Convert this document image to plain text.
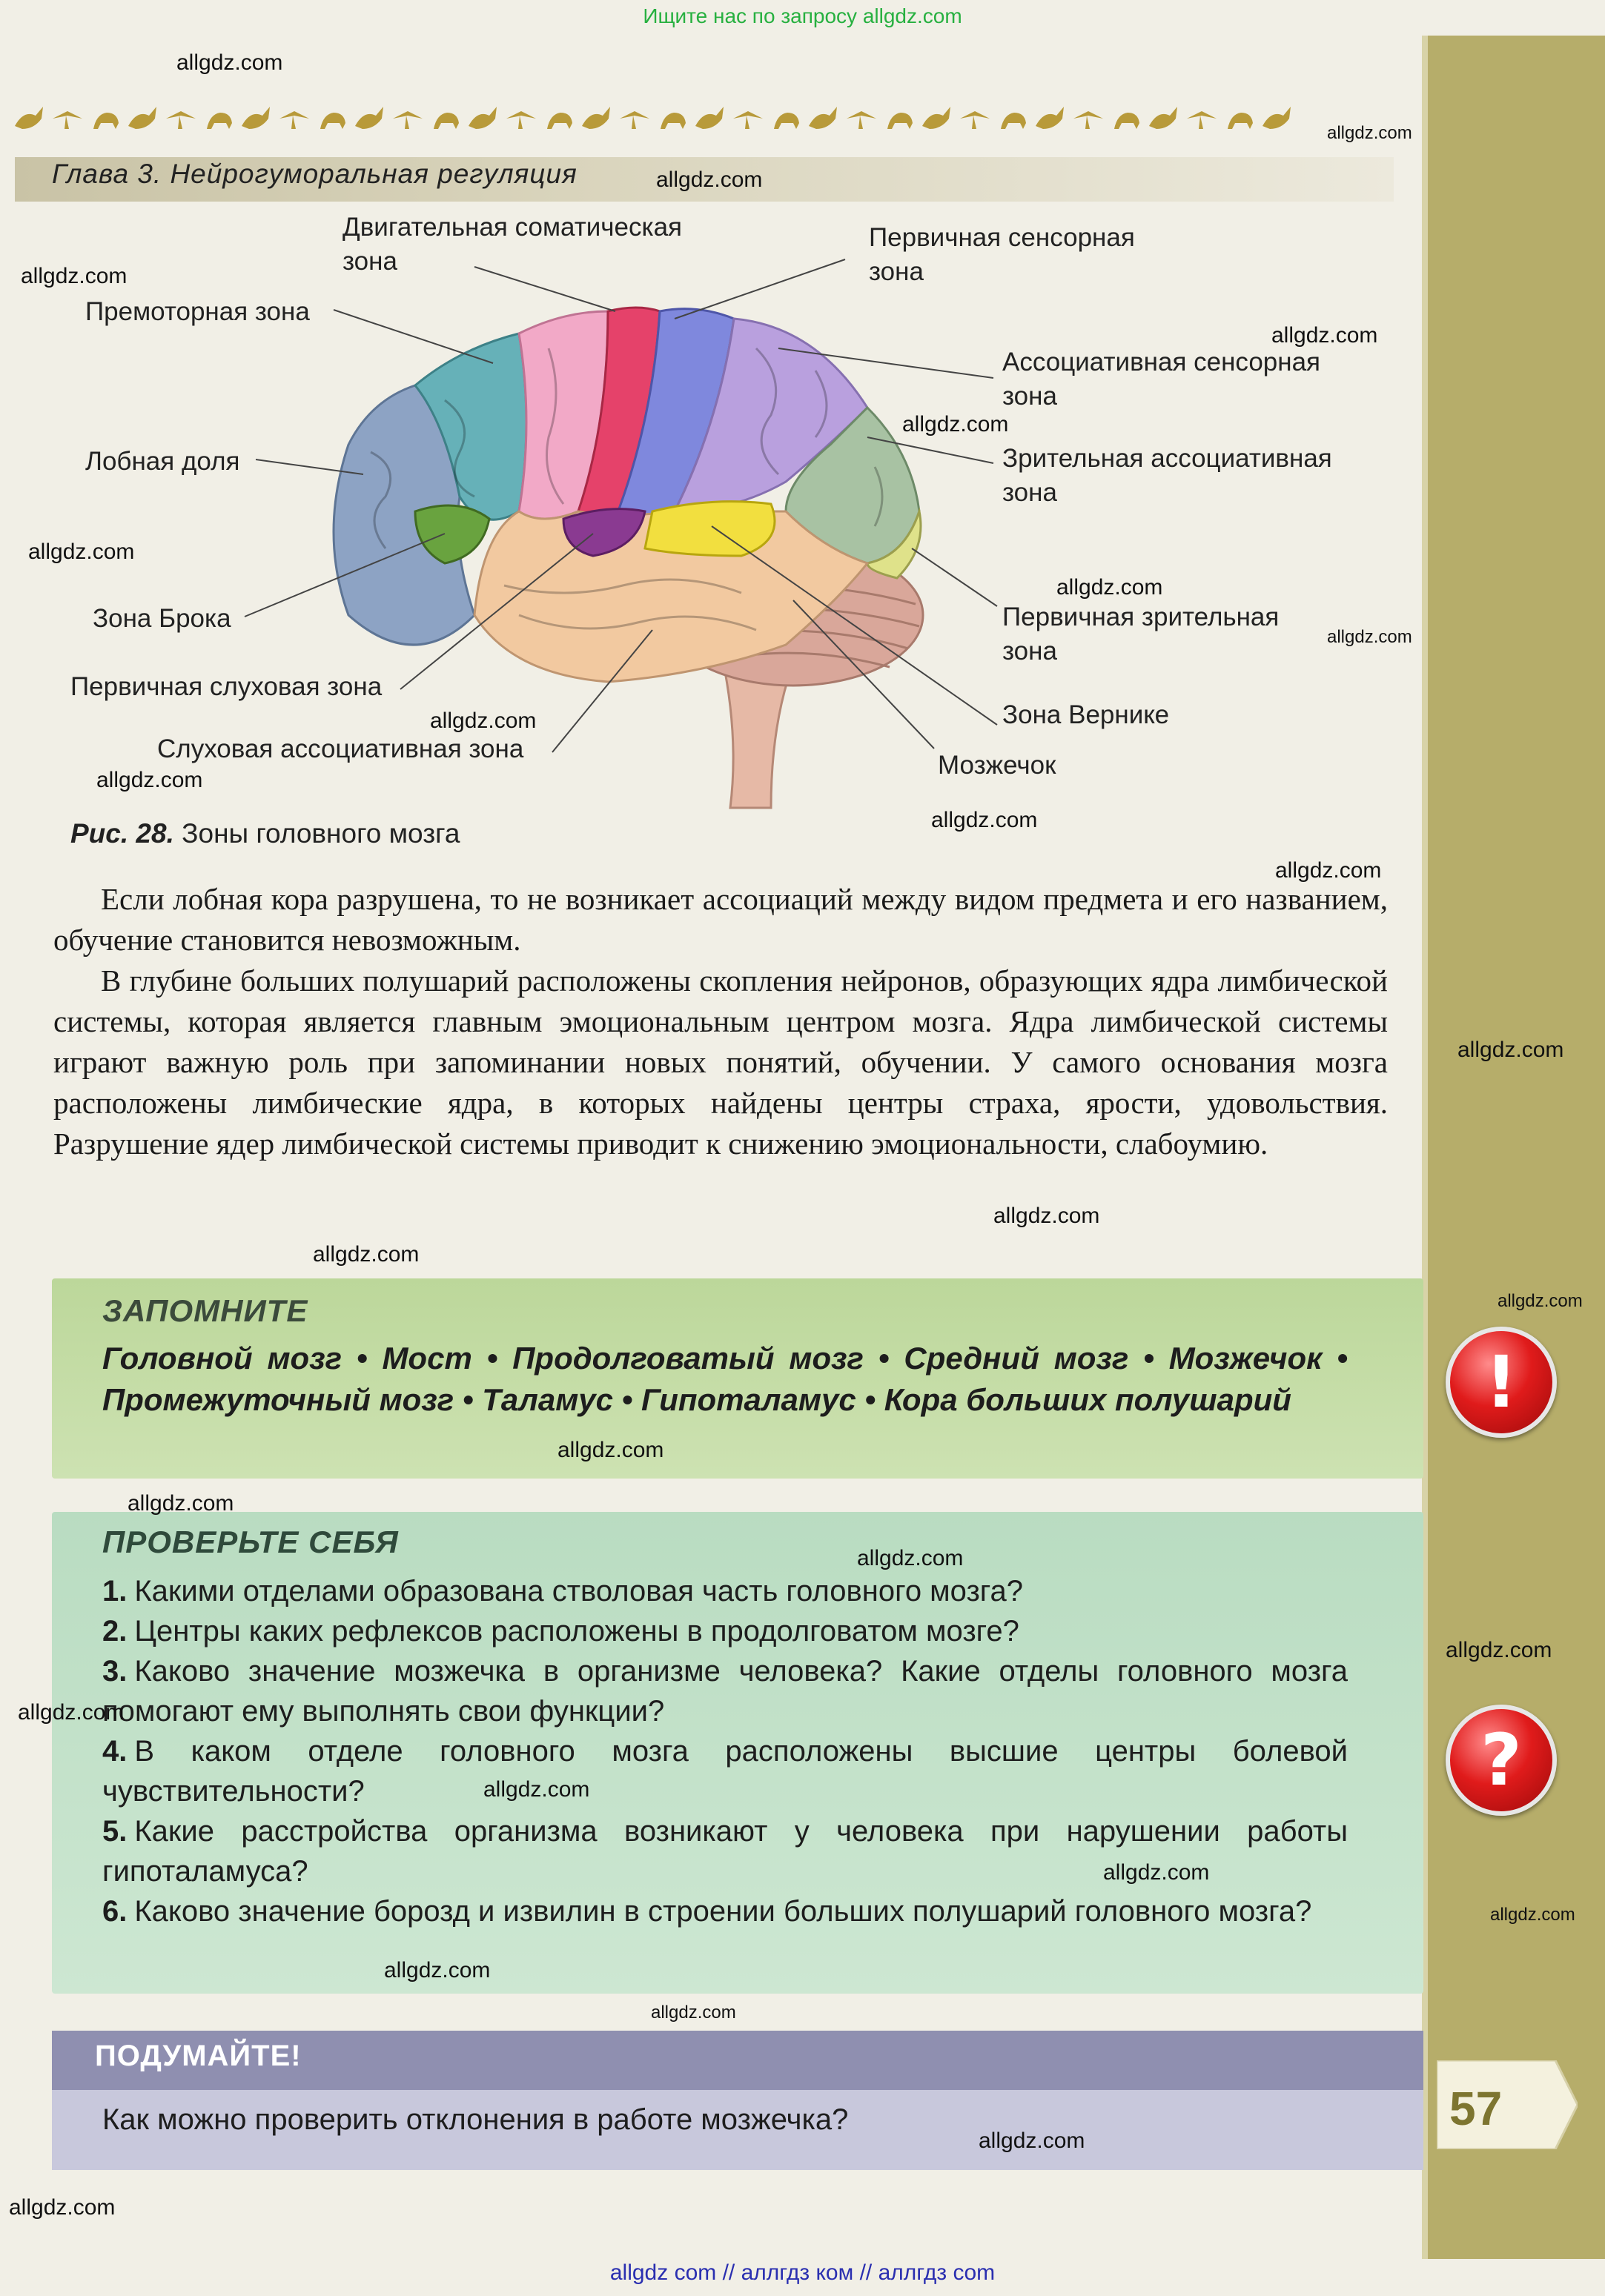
Ищите нас по запросу allgdz.com
Глава 3. Нейрогуморальная регуляция
Двигательная соматическая
зона
Первичная сенсорная
зона
Премоторная зона
Ассоциативная сенсорная
зона
Лобная доля	Зрительная ассоциативная
зона
Зона Брока	Первичная зрительная
зона
Первичная слуховая зона
Зона Верникe
Слуховая ассоциативная зона
Мозжечок
Рис. 28. Зоны головного мозга
Если лобная кора разрушена, то не возникает ассоциаций между видом предмета и его названием, обучение становится невозможным.
В глубине больших полушарий расположены скопления нейронов, образующих ядра лимбической системы, которая является главным эмоциональным центром мозга. Ядра лимбической системы играют важную роль при запоминании новых понятий, обучении. У самого основания мозга расположены лимбические ядра, в которых найдены центры страха, ярости, удовольствия. Разрушение ядер лимбической системы приводит к снижению эмоциональности, слабоумию.
ЗАПОМНИТЕ
Головной мозг • Мост • Продолговатый мозг • Средний мозг • Мозжечок • Промежуточный мозг • Таламус • Гипоталамус • Кора больших полушарий
ПРОВЕРЬТЕ СЕБЯ
1. Какими отделами образована стволовая часть головного мозга?
2. Центры каких рефлексов расположены в продолговатом мозге?
3. Каково значение мозжечка в организме человека? Какие отделы головного мозга помогают ему выполнять свои функции?
4. В каком отделе головного мозга расположены высшие центры болевой чувствительности?
5. Какие расстройства организма возникают у человека при нарушении работы гипоталамуса?
6. Каково значение борозд и извилин в строении больших полушарий головного мозга?
ПОДУМАЙТЕ!
Как можно проверить отклонения в работе мозжечка?
!
?
57
allgdz.com
allgdz.com
allgdz.com
allgdz.com
allgdz.com
allgdz.com
allgdz.com
allgdz.com
allgdz.com
allgdz.com
allgdz.com
allgdz.com
allgdz.com
allgdz.com
allgdz.com
allgdz.com
allgdz.com
allgdz.com
allgdz.com
allgdz.com
allgdz.com
allgdz.com
allgdz.com
allgdz.com
allgdz.com
allgdz.com
allgdz.com
allgdz.com
allgdz.com
allgdz com // аллгдз ком // аллгдз com
